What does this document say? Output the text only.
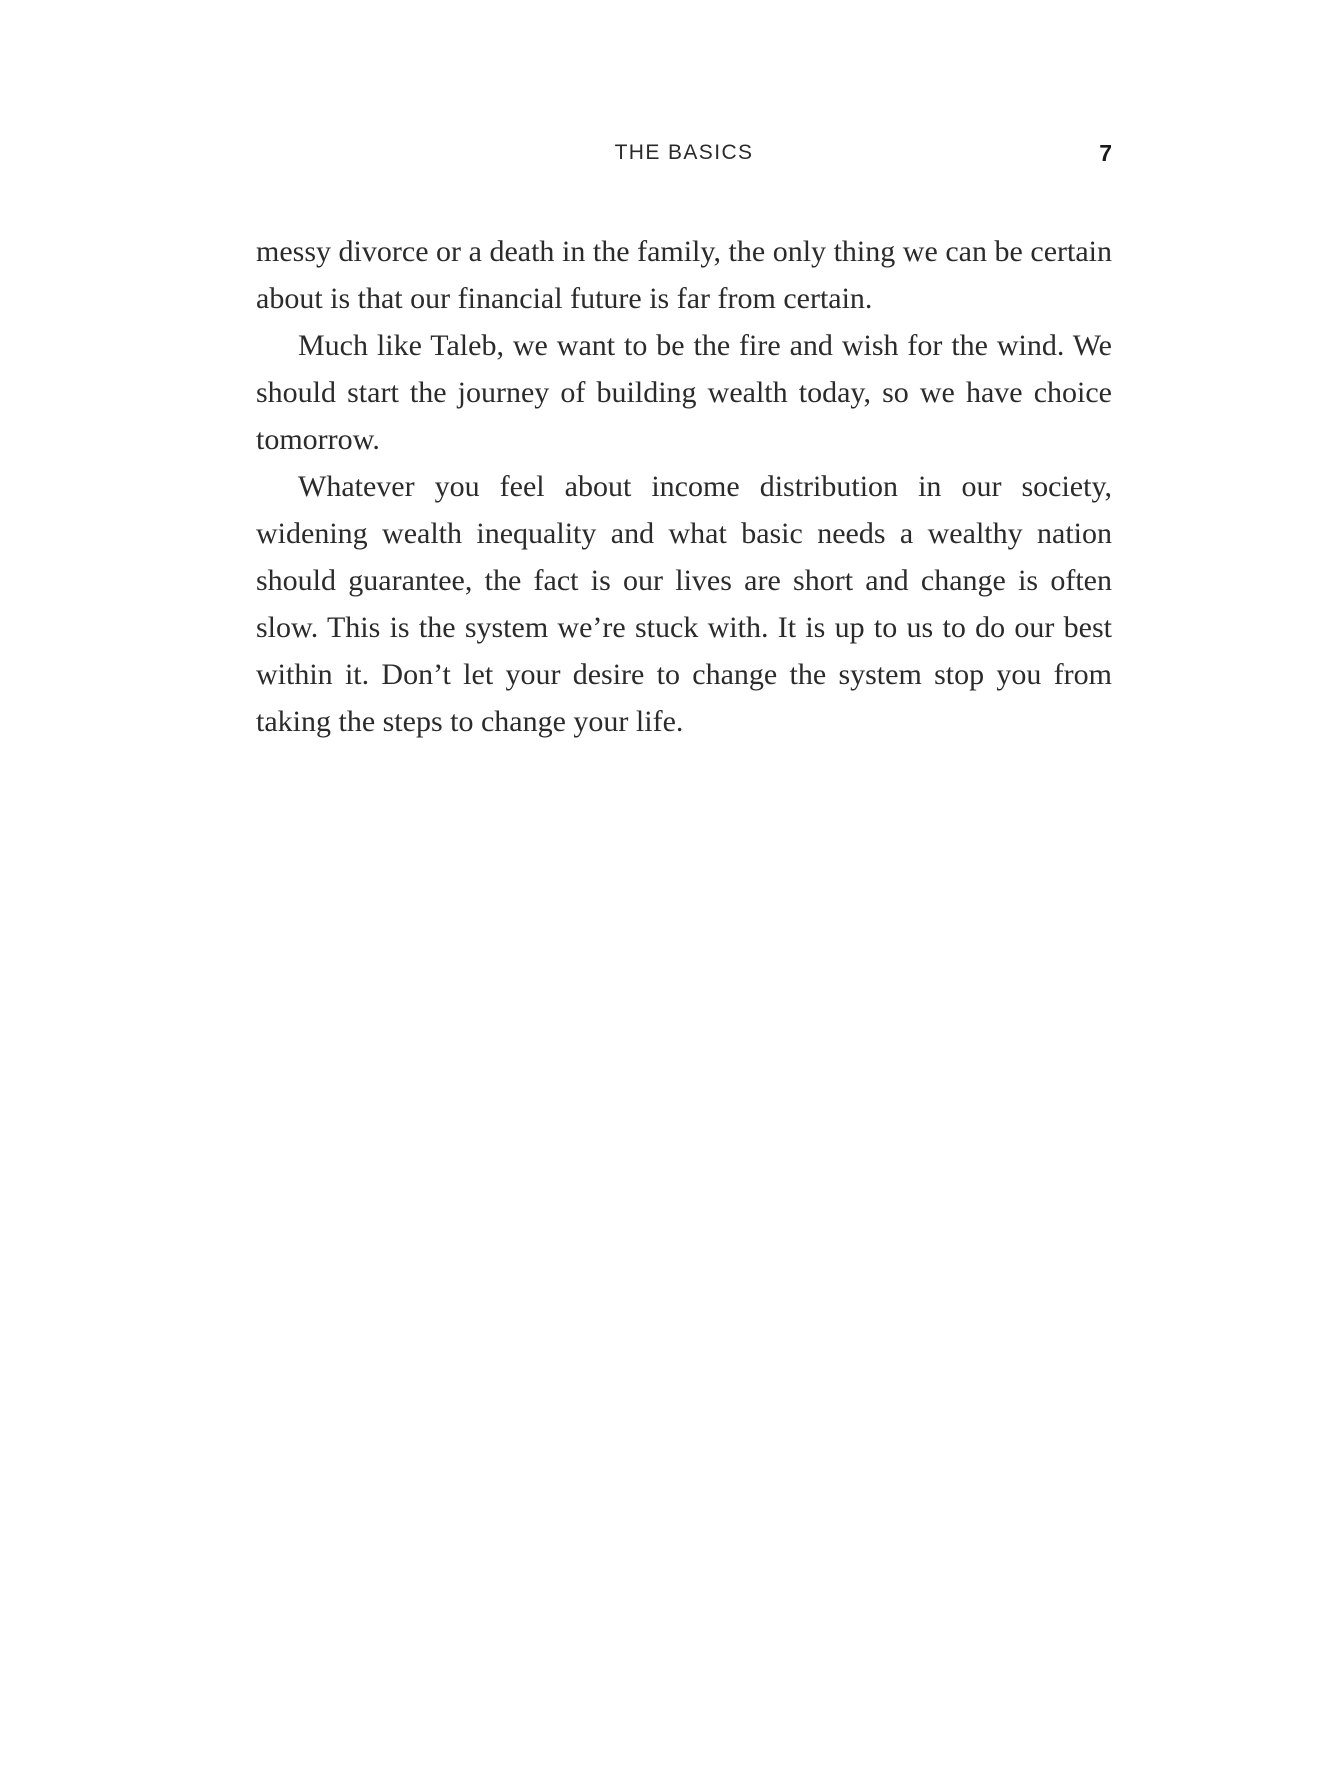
THE BASICS	7

messy divorce or a death in the family, the only thing we can be certain about is that our financial future is far from certain.

Much like Taleb, we want to be the fire and wish for the wind. We should start the journey of building wealth today, so we have choice tomorrow.

Whatever you feel about income distribution in our society, widening wealth inequality and what basic needs a wealthy nation should guarantee, the fact is our lives are short and change is often slow. This is the system we’re stuck with. It is up to us to do our best within it. Don’t let your desire to change the system stop you from taking the steps to change your life.
